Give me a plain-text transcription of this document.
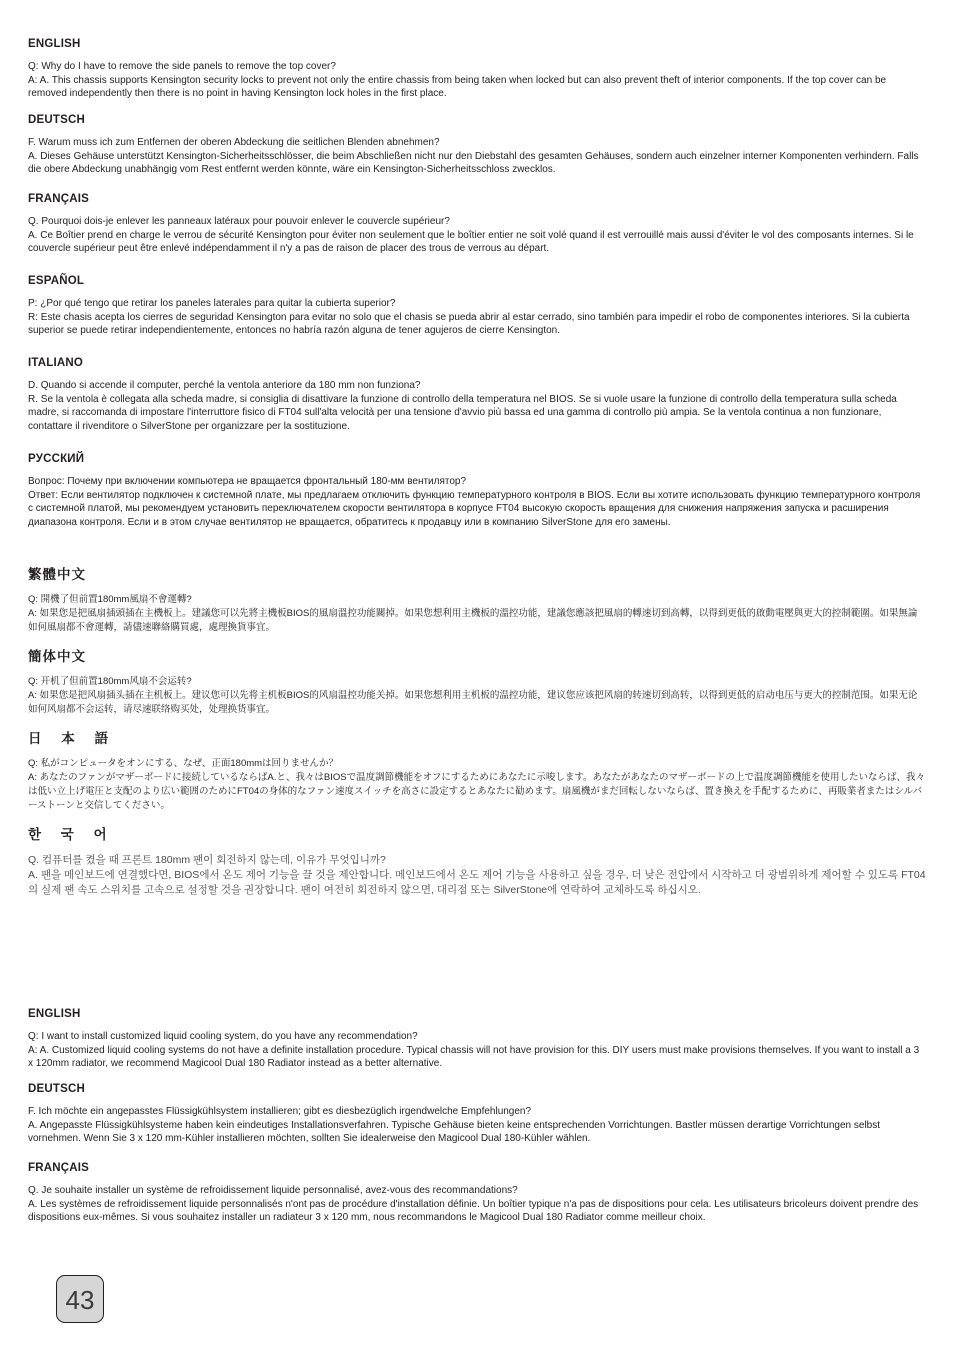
ENGLISH

Q: Why do I have to remove the side panels to remove the top cover?

A: A. This chassis supports Kensington security locks to prevent not only the entire chassis from being taken when locked but can also prevent theft of interior components. If the top cover can be removed independently then there is no point in having Kensington lock holes in the first place.

DEUTSCH

F. Warum muss ich zum Entfernen der oberen Abdeckung die seitlichen Blenden abnehmen?

A. Dieses Gehäuse unterstützt Kensington-Sicherheitsschlösser, die beim Abschließen nicht nur den Diebstahl des gesamten Gehäuses, sondern auch einzelner interner Komponenten verhindern. Falls die obere Abdeckung unabhängig vom Rest entfernt werden könnte, wäre ein Kensington-Sicherheitsschloss zwecklos.

FRANÇAIS

Q. Pourquoi dois-je enlever les panneaux latéraux pour pouvoir enlever le couvercle supérieur?

A. Ce Boîtier prend en charge le verrou de sécurité Kensington pour éviter non seulement que le boîtier entier ne soit volé quand il est verrouillé mais aussi d'éviter le vol des composants internes. Si le couvercle supérieur peut être enlevé indépendamment il n'y a pas de raison de placer des trous de verrous au départ.

ESPAÑOL

P: ¿Por qué tengo que retirar los paneles laterales para quitar la cubierta superior?

R: Este chasis acepta los cierres de seguridad Kensington para evitar no solo que el chasis se pueda abrir al estar cerrado, sino también para impedir el robo de componentes interiores. Si la cubierta superior se puede retirar independientemente, entonces no habría razón alguna de tener agujeros de cierre Kensington.

ITALIANO

D. Quando si accende il computer, perché la ventola anteriore da 180 mm non funziona?

R. Se la ventola è collegata alla scheda madre, si consiglia di disattivare la funzione di controllo della temperatura nel BIOS. Se si vuole usare la funzione di controllo della temperatura sulla scheda madre, si raccomanda di impostare l'interruttore fisico di FT04 sull'alta velocità per una tensione d'avvio più bassa ed una gamma di controllo più ampia. Se la ventola continua a non funzionare, contattare il rivenditore o SilverStone per organizzare per la sostituzione.

РУССКИЙ

Вопрос: Почему при включении компьютера не вращается фронтальный 180-мм вентилятор?

Ответ: Если вентилятор подключен к системной плате, мы предлагаем отключить функцию температурного контроля в BIOS. Если вы хотите использовать функцию температурного контроля с системной платой, мы рекомендуем установить переключателем скорости вентилятора в корпусе FT04 высокую скорость вращения для снижения напряжения запуска и расширения диапазона контроля. Если и в этом случае вентилятор не вращается, обратитесь к продавцу или в компанию SilverStone для его замены.

繁體中文

Q: 開機了但前置180mm風扇不會運轉?

A: 如果您是把風扇插頭插在主機板上。建議您可以先將主機板BIOS的風扇溫控功能關掉。如果您想利用主機板的溫控功能，建議您應該把風扇的轉速切到高轉，以得到更低的啟動電壓與更大的控制範圍。如果無論如何風扇都不會運轉，請儘速聯絡購買處，處理換貨事宜。

簡体中文

Q: 开机了但前置180mm风扇不会运转?

A: 如果您是把风扇插头插在主机板上。建议您可以先将主机板BIOS的风扇温控功能关掉。如果您想利用主机板的温控功能，建议您应该把风扇的转速切到高转，以得到更低的启动电压与更大的控制范围。如果无论如何风扇都不会运转，请尽速联络购买处，处理换货事宜。

日 本 語

Q: 私がコンピュータをオンにする、なぜ、正面180mmは回りませんか？

A: あなたのファンがマザーボードに接続しているならばA.と、我々はBIOSで温度調節機能をオフにするためにあなたに示唆します。あなたがあなたのマザーボードの上で温度調節機能を使用したいならば、我々は低い立上げ電圧と支配のより広い範囲のためにFT04の身体的なファン速度スイッチを高さに設定するとあなたに勧めます。扇風機がまだ回転しないならば、置き換えを手配するために、再販業者またはシルバーストーンと交信してください。

한 국 어

Q. 컴퓨터를 켰을 때 프론트 180mm 팬이 회전하지 않는데, 이유가 무엇입니까?

A. 팬을 메인보드에 연결했다면, BIOS에서 온도 제어 기능을 끌 것을 제안합니다. 메인보드에서 온도 제어 기능을 사용하고 싶을 경우, 더 낮은 전압에서 시작하고 더 광범위하게 제어할 수 있도록 FT04의 실제 팬 속도 스위치를 고속으로 설정할 것을 권장합니다. 팬이 여전히 회전하지 않으면, 대리점 또는 SilverStone에 연락하여 교체하도록 하십시오.

ENGLISH

Q: I want to install customized liquid cooling system, do you have any recommendation?

A: A. Customized liquid cooling systems do not have a definite installation procedure. Typical chassis will not have provision for this. DIY users must make provisions themselves. If you want to install a 3 x 120mm radiator, we recommend Magicool Dual 180 Radiator instead as a better alternative.

DEUTSCH

F. Ich möchte ein angepasstes Flüssigkühlsystem installieren; gibt es diesbezüglich irgendwelche Empfehlungen?

A. Angepasste Flüssigkühlsysteme haben kein eindeutiges Installationsverfahren. Typische Gehäuse bieten keine entsprechenden Vorrichtungen. Bastler müssen derartige Vorrichtungen selbst vornehmen. Wenn Sie 3 x 120 mm-Kühler installieren möchten, sollten Sie idealerweise den Magicool Dual 180-Kühler wählen.

FRANÇAIS

Q. Je souhaite installer un système de refroidissement liquide personnalisé, avez-vous des recommandations?

A. Les systèmes de refroidissement liquide personnalisés n'ont pas de procédure d'installation définie. Un boîtier typique n'a pas de dispositions pour cela. Les utilisateurs bricoleurs doivent prendre des dispositions eux-mêmes. Si vous souhaitez installer un radiateur 3 x 120 mm, nous recommandons le Magicool Dual 180 Radiator comme meilleur choix.

43
